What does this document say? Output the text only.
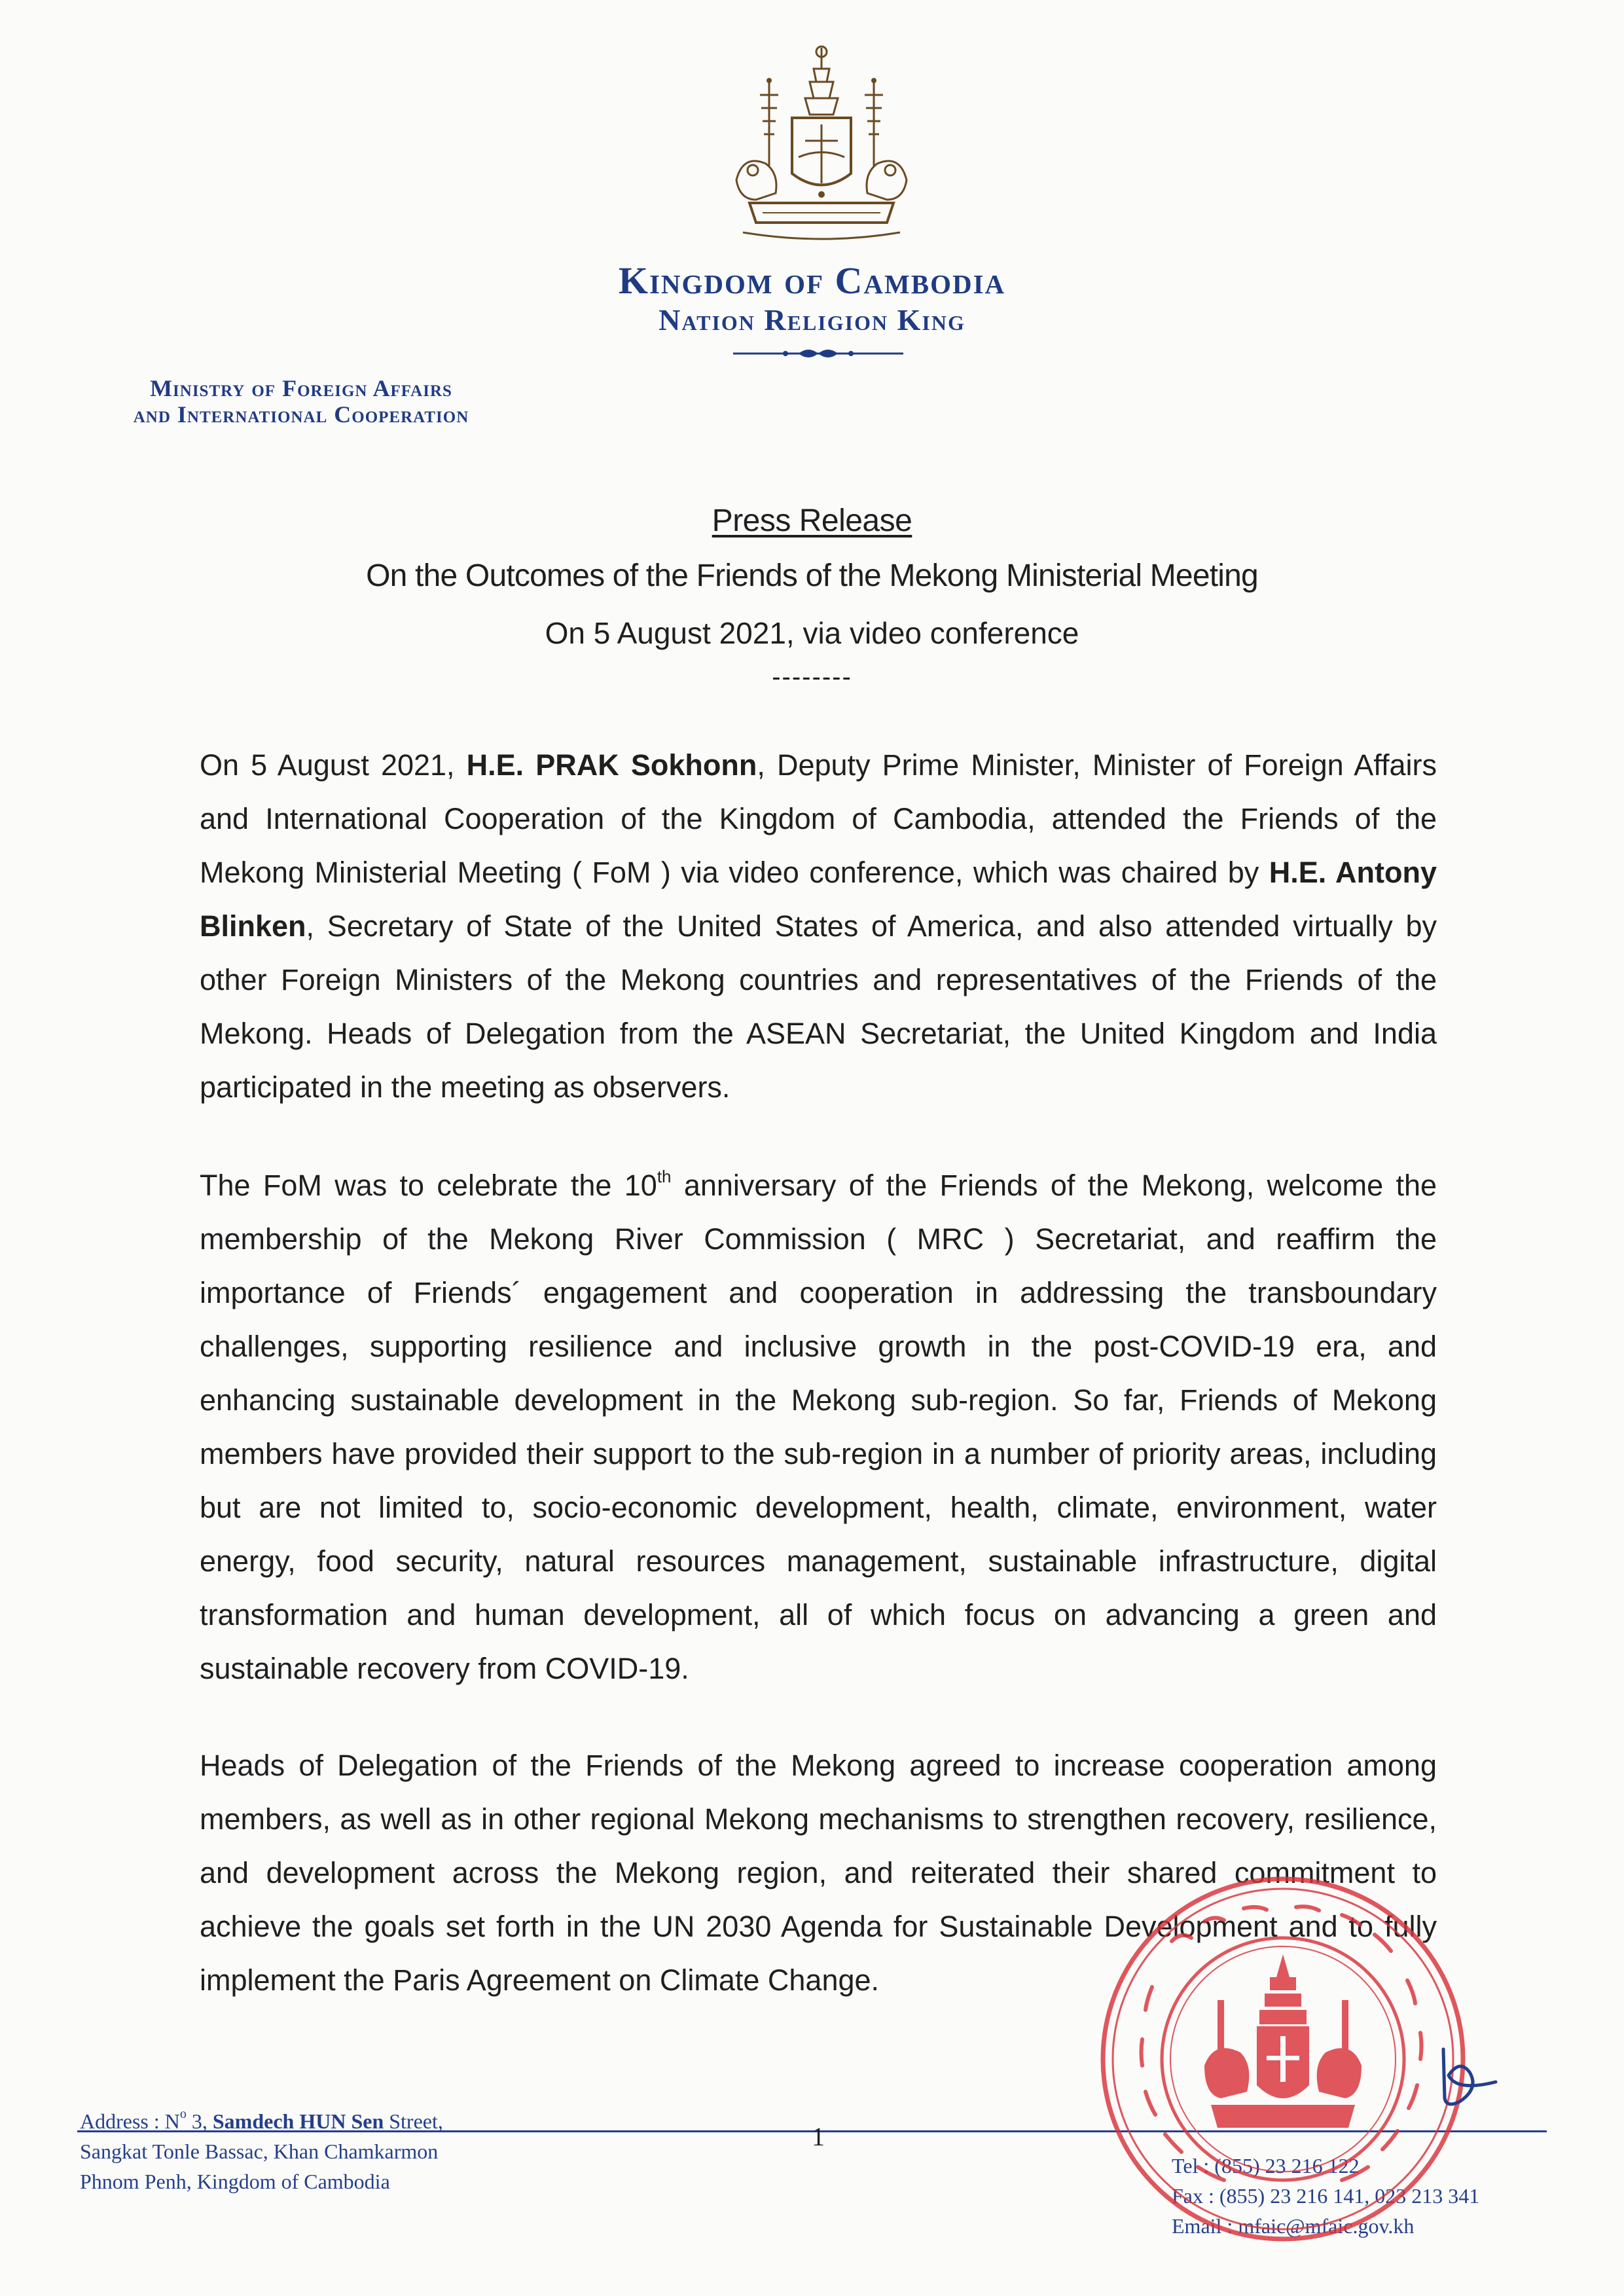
Kingdom of Cambodia
Nation Religion King
Ministry of Foreign Affairs
and International Cooperation
Press Release
On the Outcomes of the Friends of the Mekong Ministerial Meeting
On 5 August 2021, via video conference
--------
On 5 August 2021, H.E. PRAK Sokhonn, Deputy Prime Minister, Minister of Foreign Affairs and International Cooperation of the Kingdom of Cambodia, attended the Friends of the Mekong Ministerial Meeting ( FoM ) via video conference, which was chaired by H.E. Antony Blinken, Secretary of State of the United States of America, and also attended virtually by other Foreign Ministers of the Mekong countries and representatives of the Friends of the Mekong. Heads of Delegation from the ASEAN Secretariat, the United Kingdom and India participated in the meeting as observers.
The FoM was to celebrate the 10th anniversary of the Friends of the Mekong, welcome the membership of the Mekong River Commission ( MRC ) Secretariat, and reaffirm the importance of Friends´ engagement and cooperation in addressing the transboundary challenges, supporting resilience and inclusive growth in the post-COVID-19 era, and enhancing sustainable development in the Mekong sub-region. So far, Friends of Mekong members have provided their support to the sub-region in a number of priority areas, including but are not limited to, socio-economic development, health, climate, environment, water energy, food security, natural resources management, sustainable infrastructure, digital transformation and human development, all of which focus on advancing a green and sustainable recovery from COVID-19.
Heads of Delegation of the Friends of the Mekong agreed to increase cooperation among members, as well as in other regional Mekong mechanisms to strengthen recovery, resilience, and development across the Mekong region, and reiterated their shared commitment to achieve the goals set forth in the UN 2030 Agenda for Sustainable Development and to fully implement the Paris Agreement on Climate Change.
Address : $N^o$ 3, Samdech HUN Sen Street,
Sangkat Tonle Bassac, Khan Chamkarmon
Phnom Penh, Kingdom of Cambodia
1
Tel : (855) 23 216 122
Fax : (855) 23 216 141, 023 213 341
Email : mfaic@mfaic.gov.kh
